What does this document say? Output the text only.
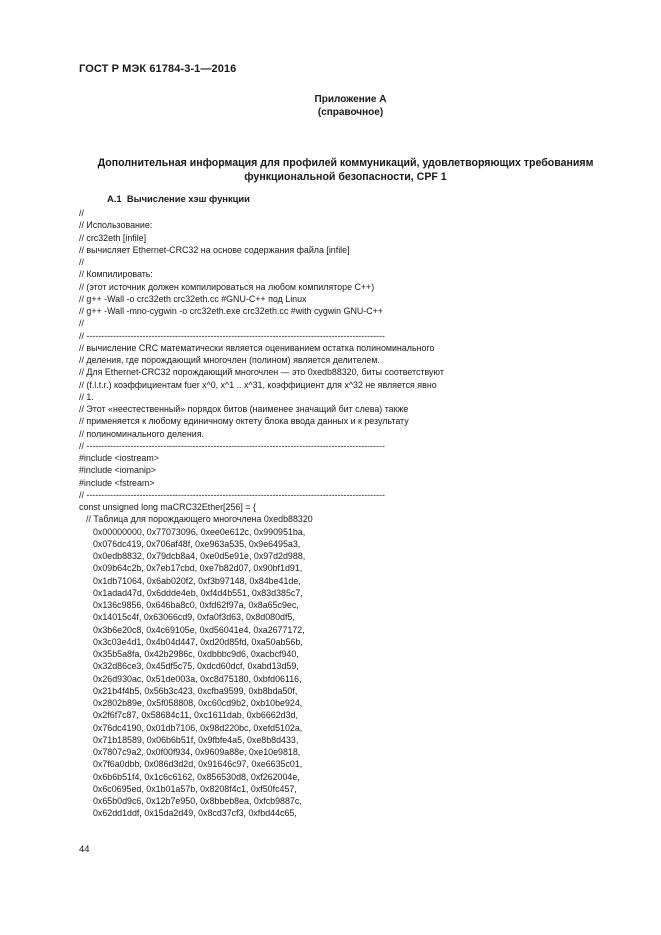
ГОСТ Р МЭК 61784-3-1—2016
Приложение А
(справочное)
Дополнительная информация для профилей коммуникаций, удовлетворяющих требованиям
функциональной безопасности, CPF 1
А.1 Вычисление хэш функции
//
// Использование:
// crc32eth [infile]
// вычисляет Ethernet-CRC32 на основе содержания файла [infile]
//
// Компилировать:
// (этот источник должен компилироваться на любом компиляторе С++)
// g++ -Wall -o crc32eth crc32eth.cc #GNU-C++ под Linux
// g++ -Wall -mno-cygwin -o crc32eth.exe crc32eth.cc #with cygwin GNU-C++
//
// -----------------------------------------------------------------------------------------------------
// вычисление CRC математически является оцениванием остатка полиноминального
// деления, где порождающий многочлен (полином) является делителем.
// Для Ethernet-CRC32 порождающий многочлен — это 0xedb88320, биты соответствуют
// (f.l.t.r.) коэффициентам fuer x^0, x^1 .. x^31, коэффициент для x^32 не является явно
// 1.
// Этот «неестественный» порядок битов (наименее значащий бит слева) также
// применяется к любому единичному октету блока ввода данных и к результату
// полиноминального деления.
// -----------------------------------------------------------------------------------------------------
#include <iostream>
#include <iomanip>
#include <fstream>
// -----------------------------------------------------------------------------------------------------
const unsigned long maCRC32Ether[256] = {
// Таблица для порождающего многочлена 0xedb88320
0x00000000, 0x77073096, 0xee0e612c, 0x990951ba,
0x076dc419, 0x706af48f, 0xe963a535, 0x9e6495a3,
0x0edb8832, 0x79dcb8a4, 0xe0d5e91e, 0x97d2d988,
0x09b64c2b, 0x7eb17cbd, 0xe7b82d07, 0x90bf1d91,
0x1db71064, 0x6ab020f2, 0xf3b97148, 0x84be41de,
0x1adad47d, 0x6ddde4eb, 0xf4d4b551, 0x83d385c7,
0x136c9856, 0x646ba8c0, 0xfd62f97a, 0x8a65c9ec,
0x14015c4f, 0x63066cd9, 0xfa0f3d63, 0x8d080df5,
0x3b6e20c8, 0x4c69105e, 0xd56041e4, 0xa2677172,
0x3c03e4d1, 0x4b04d447, 0xd20d85fd, 0xa50ab56b,
0x35b5a8fa, 0x42b2986c, 0xdbbbc9d6, 0xacbcf940,
0x32d86ce3, 0x45df5c75, 0xdcd60dcf, 0xabd13d59,
0x26d930ac, 0x51de003a, 0xc8d75180, 0xbfd06116,
0x21b4f4b5, 0x56b3c423, 0xcfba9599, 0xb8bda50f,
0x2802b89e, 0x5f058808, 0xc60cd9b2, 0xb10be924,
0x2f6f7c87, 0x58684c11, 0xc1611dab, 0xb6662d3d,
0x76dc4190, 0x01db7106, 0x98d220bc, 0xefd5102a,
0x71b18589, 0x06b6b51f, 0x9fbfe4a5, 0xe8b8d433,
0x7807c9a2, 0x0f00f934, 0x9609a88e, 0xe10e9818,
0x7f6a0dbb, 0x086d3d2d, 0x91646c97, 0xe6635c01,
0x6b6b51f4, 0x1c6c6162, 0x856530d8, 0xf262004e,
0x6c0695ed, 0x1b01a57b, 0x8208f4c1, 0xf50fc457,
0x65b0d9c6, 0x12b7e950, 0x8bbeb8ea, 0xfcb9887c,
0x62dd1ddf, 0x15da2d49, 0x8cd37cf3, 0xfbd44c65,
44
